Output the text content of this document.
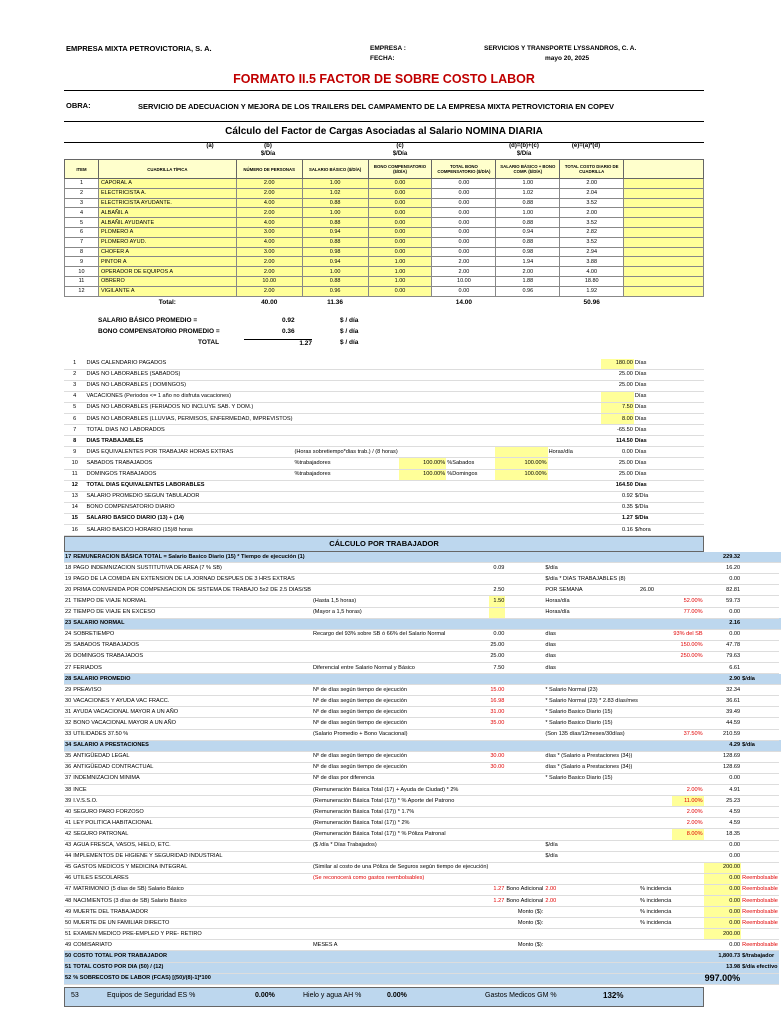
EMPRESA MIXTA PETROVICTORIA, S. A.	EMPRESA :
FECHA:
SERVICIOS Y TRANSPORTE LYSSANDROS, C. A.
mayo 20, 2025
FORMATO II.5 FACTOR DE SOBRE COSTO LABOR
OBRA:	SERVICIO DE ADECUACION Y MEJORA DE LOS TRAILERS DEL CAMPAMENTO DE LA EMPRESA MIXTA PETROVICTORIA EN COPEV
Cálculo del Factor de Cargas Asociadas al Salario NOMINA DIARIA
(a)	(b)
$/Día
(c)
$/Día
(d)=(b)+(c)
$/Día
(e)=(a)*(d)
ITEM	CUADRILLA TÍPICA	NÚMERO DE PERSONAS	SALARIO BÁSICO ($/DÍA)	BONO COMPENSATORIO ($/DÍA)	TOTAL BONO COMPENSATORIO ($/DÍA)	SALARIO BÁSICO + BONO COMP. ($/DÍA)	TOTAL COSTO DIARIO DE CUADRILLA	
1	CAPORAL A	2.00	1.00	0.00	0.00	1.00	2.00	
2	ELECTRICISTA A.	2.00	1.02	0.00	0.00	1.02	2.04	
3	ELECTRICISTA AYUDANTE.	4.00	0.88	0.00	0.00	0.88	3.52	
4	ALBAÑIL A	2.00	1.00	0.00	0.00	1.00	2.00	
5	ALBAÑIL AYUDANTE	4.00	0.88	0.00	0.00	0.88	3.52	
6	PLOMERO A	3.00	0.94	0.00	0.00	0.94	2.82	
7	PLOMERO AYUD.	4.00	0.88	0.00	0.00	0.88	3.52	
8	CHOFER A	3.00	0.98	0.00	0.00	0.98	2.94	
9	PINTOR A	2.00	0.94	1.00	2.00	1.94	3.88	
10	OPERADOR DE EQUIPOS A	2.00	1.00	1.00	2.00	2.00	4.00	
11	OBRERO	10.00	0.88	1.00	10.00	1.88	18.80	
12	VIGILANTE A	2.00	0.96	0.00	0.00	0.96	1.92	
	Total:	40.00	11.36		14.00		50.96	
SALARIO BÁSICO PROMEDIO =	0.92	$ / día
BONO COMPENSATORIO PROMEDIO =	0.36	$ / día
TOTAL	1.27	$ / día
1	DIAS CALENDARIO PAGADOS						180.00	Días
2	DIAS NO LABORABLES (SABADOS)						25.00	Días
3	DIAS NO LABORABLES ( DOMINGOS)						25.00	Días
4	VACACIONES (Periodos <= 1 año no disfruta vacaciones)							Días
5	DIAS NO LABORABLES (FERIADOS NO INCLUYE SAB. Y DOM.)						7.50	Días
6	DIAS NO LABORABLES (LLUVIAS, PERMISOS, ENFERMEDAD, IMPREVISTOS)						8.00	Días
7	TOTAL DIAS NO LABORADOS						-65.50	Días
8	DIAS TRABAJABLES						114.50	Días
9	DIAS EQUIVALENTES POR TRABAJAR HORAS EXTRAS	(Horas sobretiempo*dias trab.) / (8 horas)				Horas/día	0.00	Días
10	SABADOS TRABAJADOS	%trabajadores	100.00%	%Sabados	100.00%		25.00	Días
11	DOMINGOS TRABAJADOS	%trabajadores	100.00%	%Domingos	100.00%		25.00	Días
12	TOTAL DIAS EQUIVALENTES LABORABLES						164.50	Días
13	SALARIO PROMEDIO SEGUN TABULADOR						0.92	$/Día
14	BONO COMPENSATORIO DIARIO						0.35	$/Día
15	SALARIO BASICO DIARIO (13) + (14)						1.27	$/Día
16	SALARIO BASICO HORARIO (15)/8 horas						0.16	$/hora
CÁLCULO POR TRABAJADOR
17	REMUNERACION BÁSICA TOTAL = Salario Basico Diario (15) * Tiempo de ejecución (1)							229.32		
18	PAGO INDEMNIZACION SUSTITUTIVA DE AREA (7 % SB)		0.09		$/día			16.20		
19	PAGO DE LA COMIDA EN EXTENSION DE LA JORNAD DESPUES DE 3 HRS EXTRAS				$/día * DIAS TRABAJABLES (8)			0.00		
20	PRIMA CONVENIDA POR COMPENSACION DE SISTEMA DE TRABAJO 5x2 DE 2.5 DIAS/SB		2.50		POR SEMANA	26.00		82.81		
21	TIEMPO DE VIAJE NORMAL	(Hasta 1,5 horas)	1.50		Horas/día		52.00%	59.73		
22	TIEMPO DE VIAJE EN EXCESO	(Mayor a 1,5 horas)			Horas/día		77.00%	0.00		
23	SALARIO NORMAL							2.16		
24	SOBRETIEMPO	Recargo del 93% sobre SB ó 66% del Salario Normal	0.00		días		93% del SB	0.00		
25	SABADOS TRABAJADOS		25.00		días		150.00%	47.78		
26	DOMINGOS TRABAJADOS		25.00		días		250.00%	79.63		
27	FERIADOS	Diferencial entre Salario Normal y Básico	7.50		días			6.61		
28	SALARIO PROMEDIO							2.90	$/día	
29	PREAVISO	Nº de días según tiempo de ejecución	15.00		* Salario Normal (23)			32.34		
30	VACACIONES Y AYUDA VAC FRACC.	Nº de días según tiempo de ejecución	16.98		* Salario Normal (23) * 2.83 días/mes			36.61		
31	AYUDA VACACIONAL MAYOR A UN AÑO	Nº de días según tiempo de ejecución	31.00		* Salario Basico Diario (15)			39.49		
32	BONO VACACIONAL MAYOR A UN AÑO	Nº de días según tiempo de ejecución	35.00		* Salario Basico Diario (15)			44.59		
33	UTILIDADES 37.50 %	(Salario Promedio + Bono Vacacional)			(Son 135 días/12meses/30días)		37.50%	210.59		
34	SALARIO A PRESTACIONES							4.29	$/día	
35	ANTIGÜEDAD LEGAL	Nº de días según tiempo de ejecución	30.00		días * (Salario a Prestaciones (34))			128.69		
36	ANTIGÜEDAD CONTRACTUAL	Nº de días según tiempo de ejecución	30.00		días * (Salario a Prestaciones (34))			128.69		
37	INDEMNIZACION MINIMA	Nº de días por diferencia			* Salario Basico Diario (15)			0.00		
38	INCE	(Remuneración Básica Total (17) + Ayuda de Ciudad) * 2%					2.00%	4.91		
39	I.V.S.S.O.	(Remuneración Básica Total (17)) * % Aporte del Patrono					11.00%	25.23		
40	SEGURO PARO FORZOSO	(Remuneración Básica Total (17)) * 1.7%					2.00%	4.59		
41	LEY POLITICA HABITACIONAL	(Remuneración Básica Total (17)) * 2%					2.00%	4.59		
42	SEGURO PATRONAL	(Remuneración Básica Total (17)) * % Póliza Patronal					8.00%	18.35		
43	AGUA FRESCA, VASOS, HIELO, ETC.	($ /día * Días Trabajados)			$/día			0.00		
44	IMPLEMENTOS DE HIGIENE Y SEGURIDAD INDUSTRIAL				$/día			0.00		
45	GASTOS MEDICOS Y MEDICINA INTEGRAL	(Similar al costo de una Póliza de Seguros según tiempo de ejecución)						200.00		
46	UTILES ESCOLARES	(Se reconocerá como gastos reembolsables)						0.00	Reembolsable	
47	MATRIMONIO (5 días de SB) Salario Básico		1.27	Bono Adicional	2.00	% incidencia		0.00	Reembolsable	
48	NACIMIENTOS (3 días de SB) Salario Básico		1.27	Bono Adicional	2.00	% incidencia		0.00	Reembolsable	
49	MUERTE DEL TRABAJADOR			Monto ($):		% incidencia		0.00	Reembolsable	
50	MUERTE DE UN FAMILIAR DIRECTO			Monto ($):		% incidencia		0.00	Reembolsable	
51	EXAMEN MEDICO PRE-EMPLEO Y PRE- RETIRO							200.00		
49	COMISARIATO	MESES A		Monto ($):				0.00	Reembolsable	
50	COSTO TOTAL POR TRABAJADOR							1,800.73	$/trabajador	
51	TOTAL COSTO POR DIA (50) / (12)							13.98	$/día efectivo	
52	% SOBRECOSTO DE LABOR (FCAS) [(50)/(8)-1]*100							997.00%		
53	Equipos de Seguridad ES %	0.00%	Hielo y agua AH %	0.00%	Gastos Medicos GM %	132%
